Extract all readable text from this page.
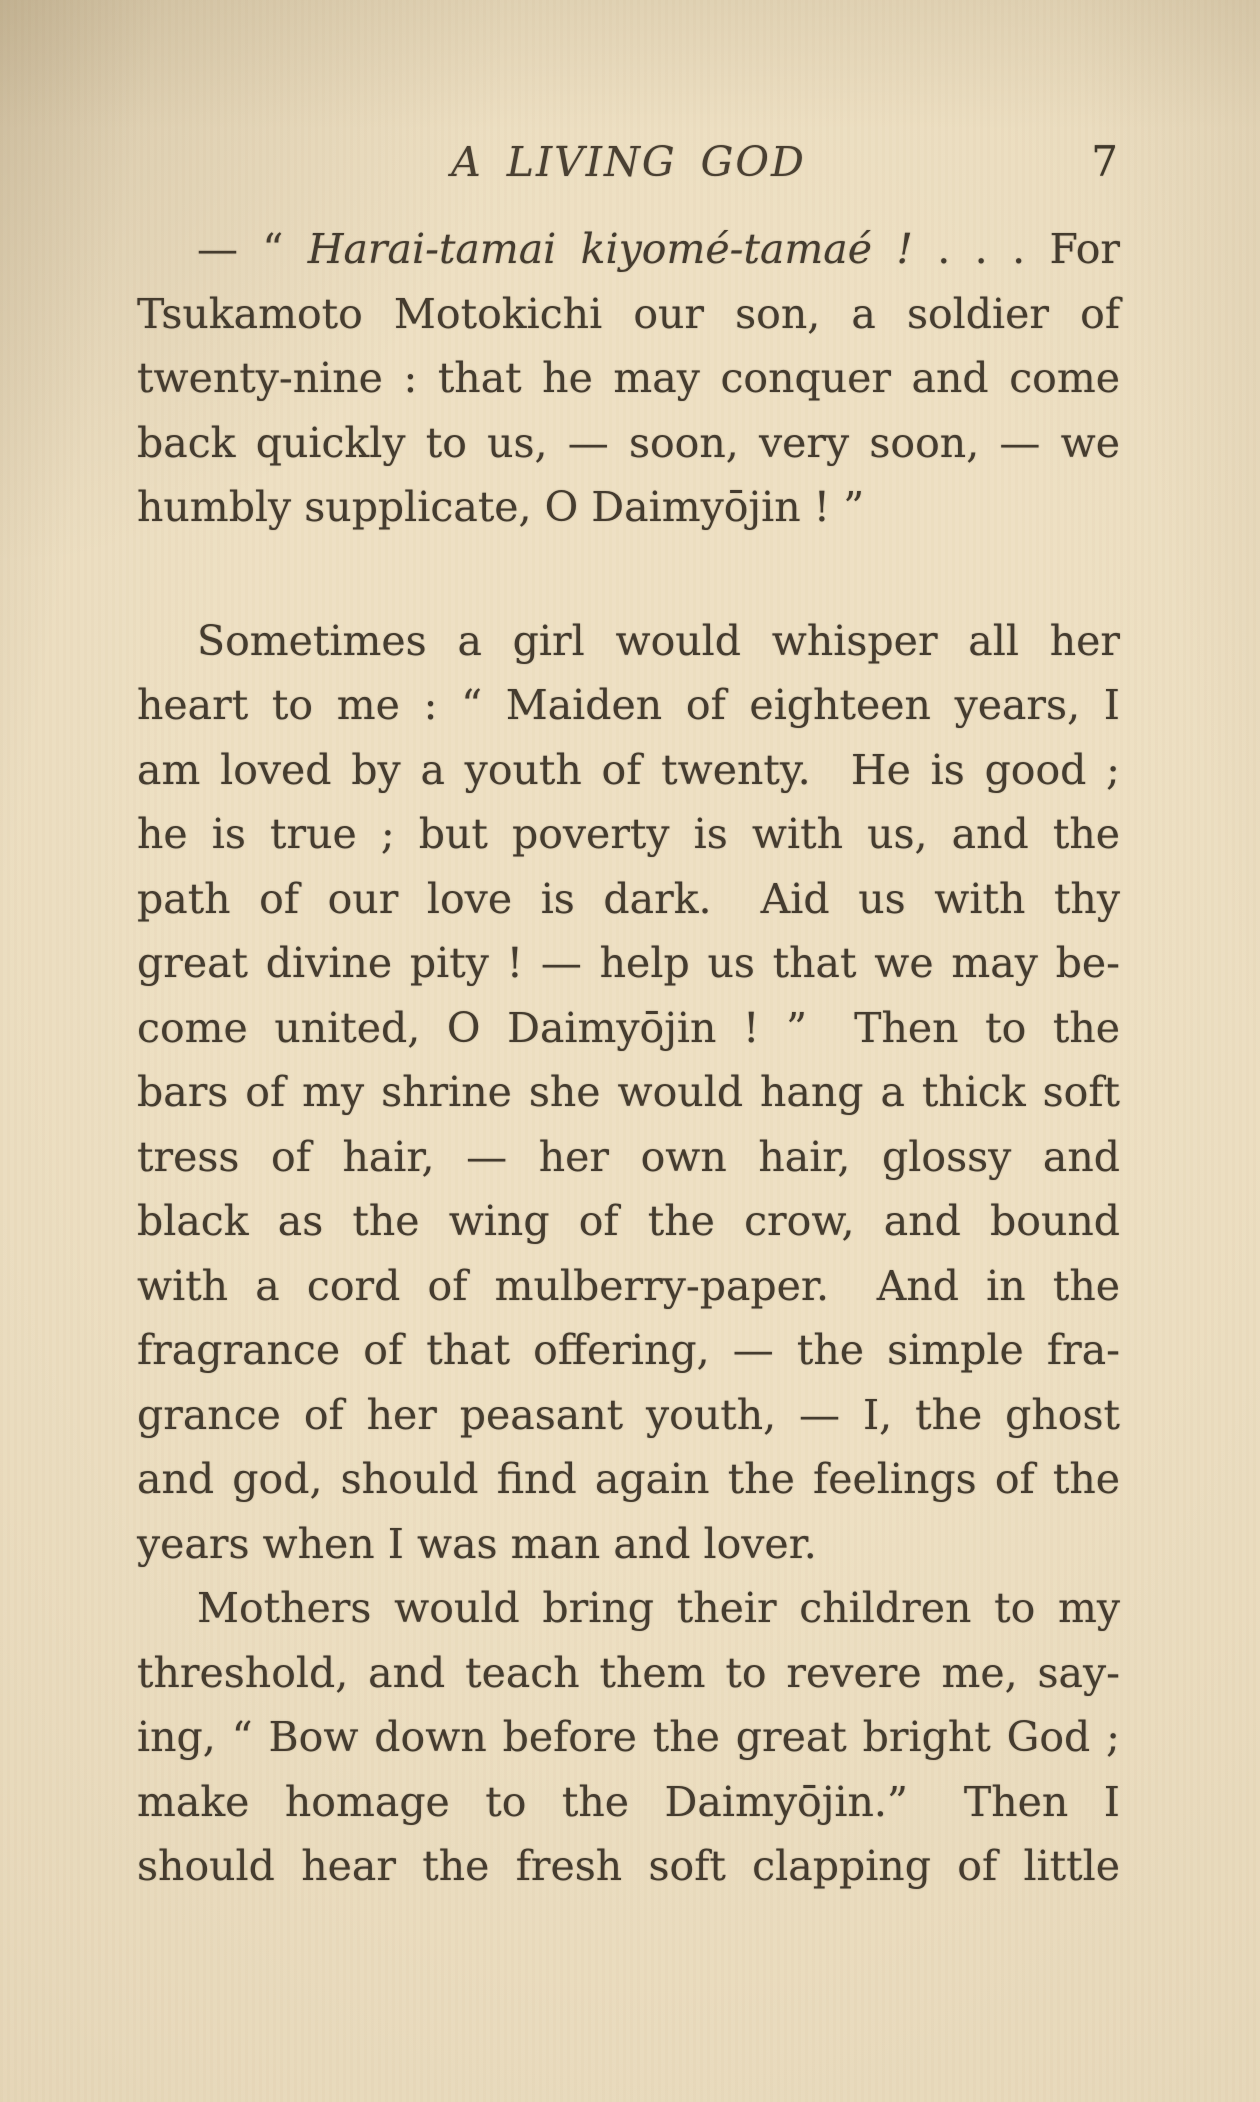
A LIVING GOD	7
— “ Harai-tamai kiyomé-tamaé ! . . . For
Tsukamoto Motokichi our son, a soldier of
twenty-nine : that he may conquer and come
back quickly to us, — soon, very soon, — we
humbly supplicate, O Daimyōjin ! ”
Sometimes a girl would whisper all her
heart to me : “ Maiden of eighteen years, I
am loved by a youth of twenty.  He is good ;
he is true ; but poverty is with us, and the
path of our love is dark.  Aid us with thy
great divine pity ! — help us that we may be-
come united, O Daimyōjin ! ”  Then to the
bars of my shrine she would hang a thick soft
tress of hair, — her own hair, glossy and
black as the wing of the crow, and bound
with a cord of mulberry-paper.  And in the
fragrance of that offering, — the simple fra-
grance of her peasant youth, — I, the ghost
and god, should find again the feelings of the
years when I was man and lover.
Mothers would bring their children to my
threshold, and teach them to revere me, say-
ing, “ Bow down before the great bright God ;
make homage to the Daimyōjin.”  Then I
should hear the fresh soft clapping of little
